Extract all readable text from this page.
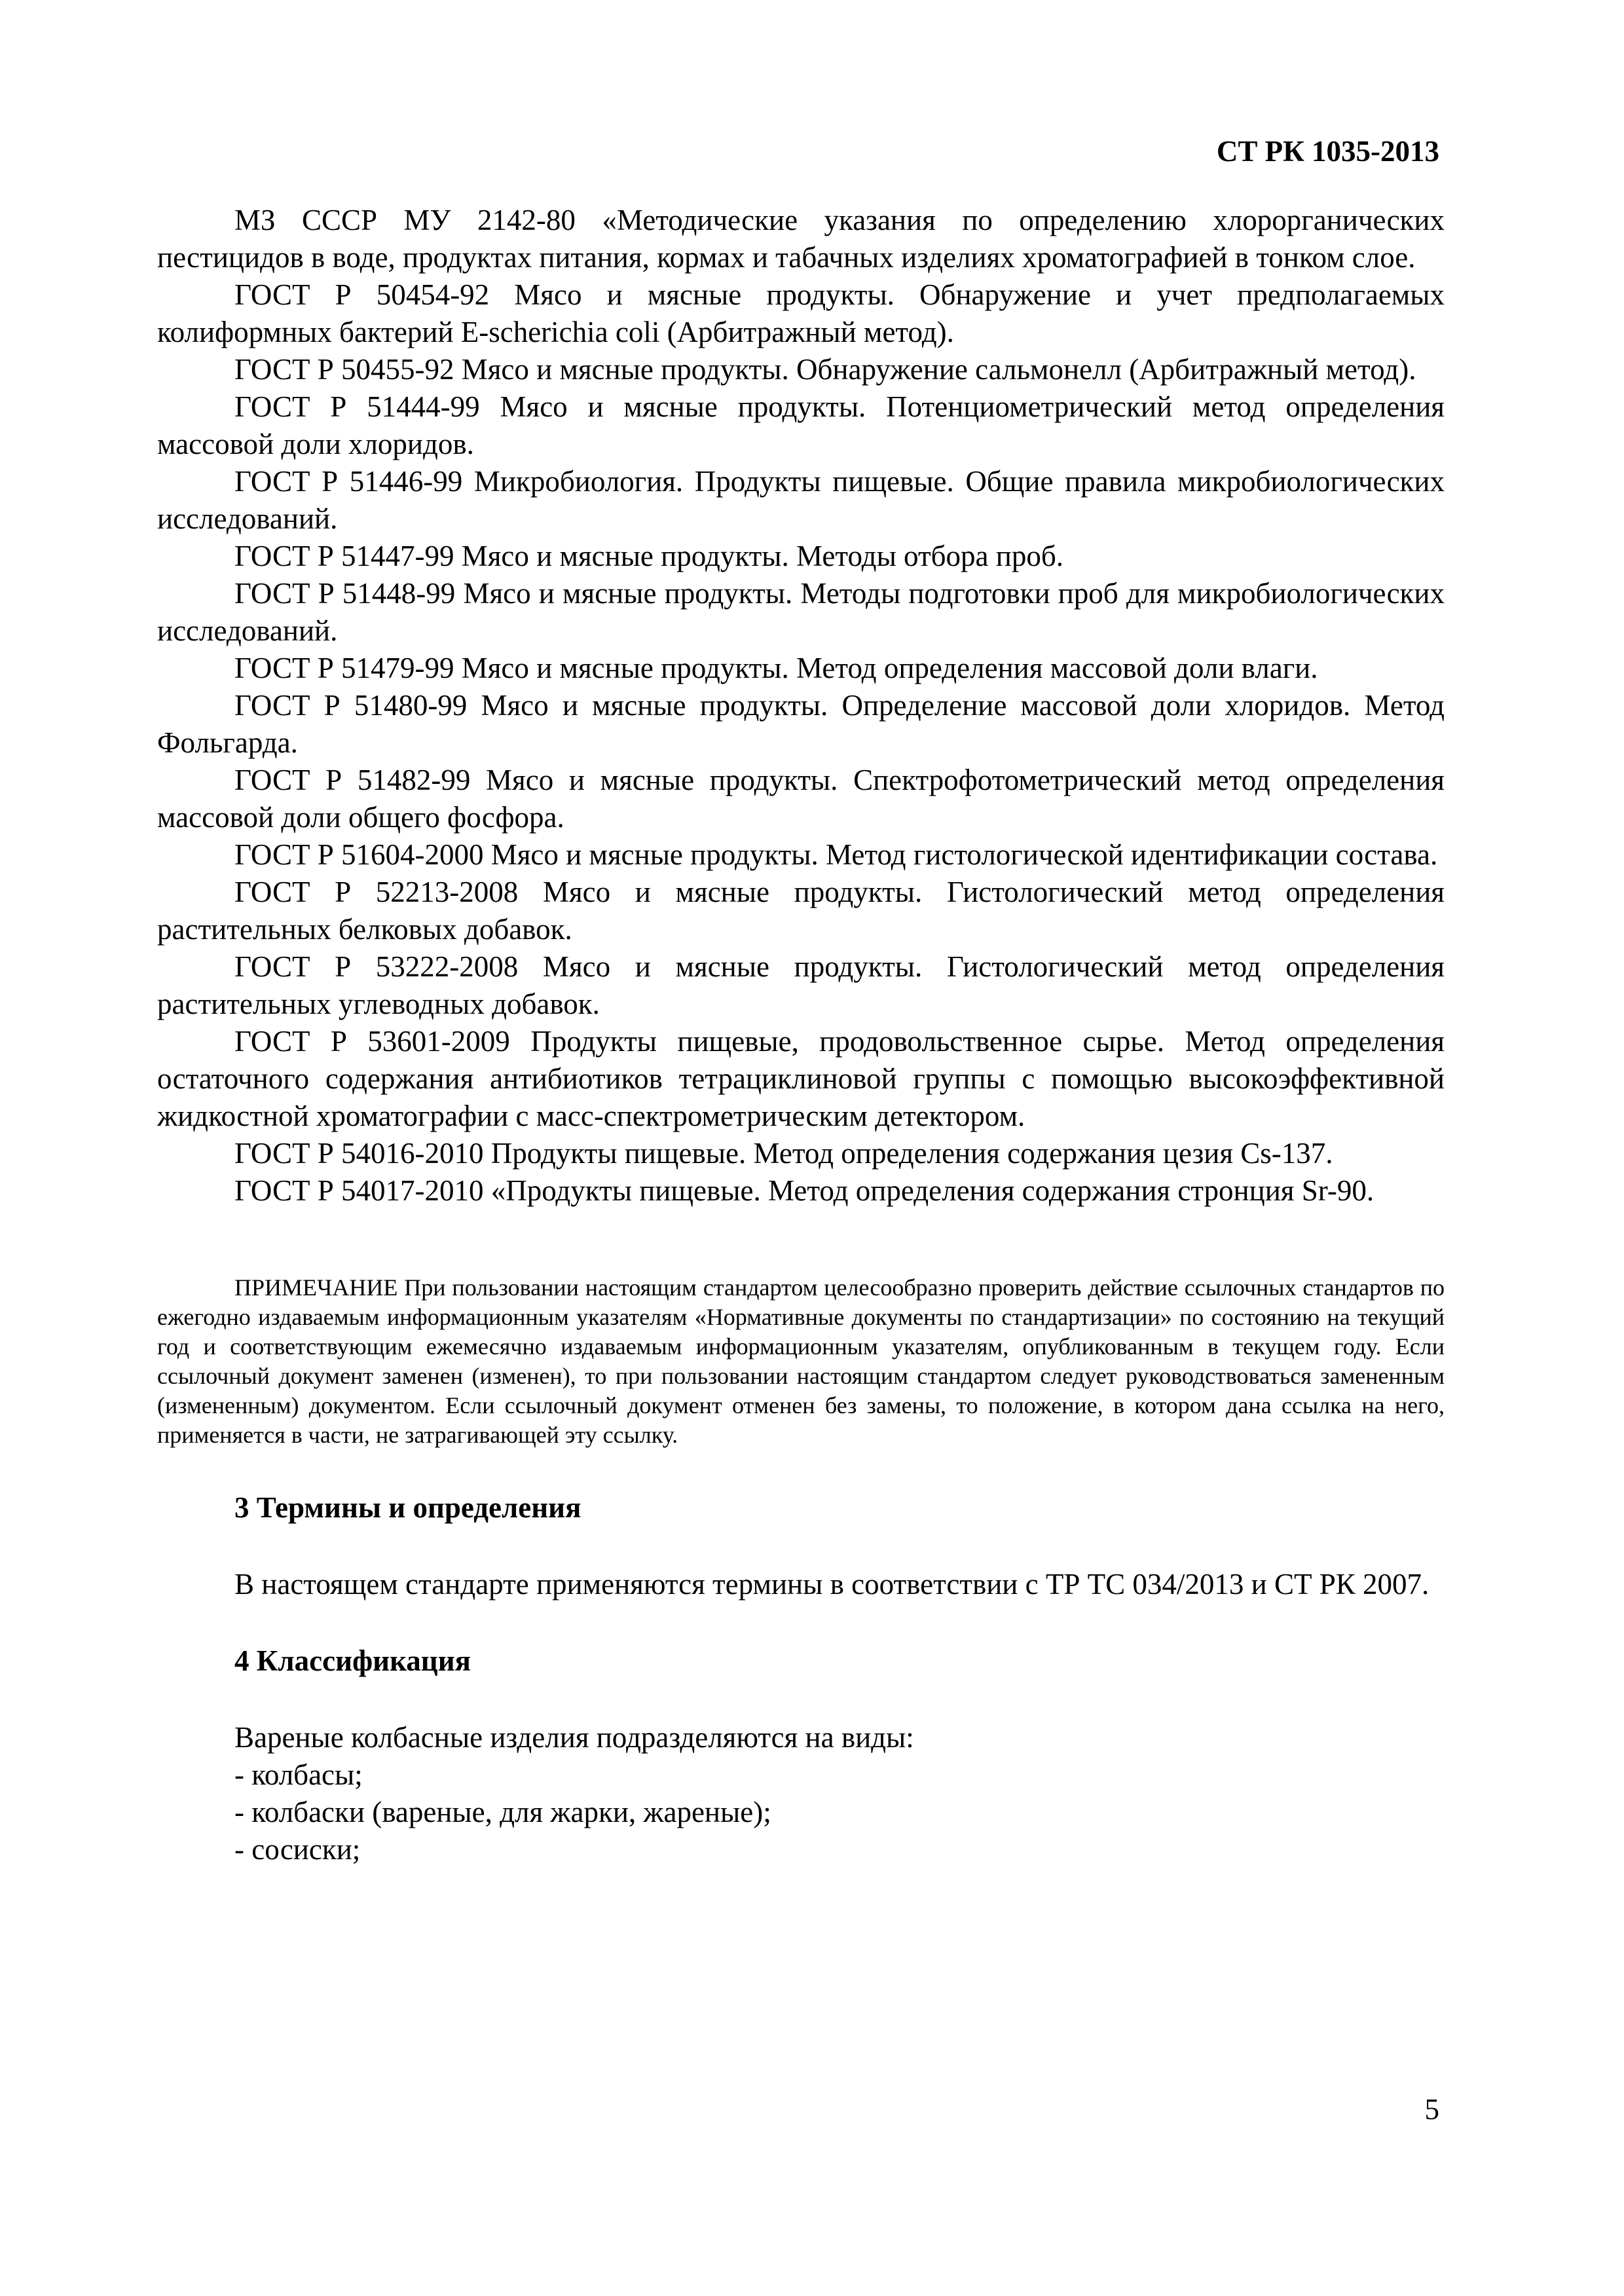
СТ РК 1035-2013

МЗ СССР МУ 2142-80 «Методические указания по определению хлорорганических пестицидов в воде, продуктах питания, кормах и табачных изделиях хроматографией в тонком слое.

ГОСТ Р 50454-92 Мясо и мясные продукты. Обнаружение и учет предполагаемых колиформных бактерий E-scherichia coli (Арбитражный метод).

ГОСТ Р 50455-92 Мясо и мясные продукты. Обнаружение сальмонелл (Арбитражный метод).

ГОСТ Р 51444-99 Мясо и мясные продукты. Потенциометрический метод определения массовой доли хлоридов.

ГОСТ Р 51446-99 Микробиология. Продукты пищевые. Общие правила микробиологических исследований.

ГОСТ Р 51447-99 Мясо и мясные продукты. Методы отбора проб.

ГОСТ Р 51448-99 Мясо и мясные продукты. Методы подготовки проб для микробиологических исследований.

ГОСТ Р 51479-99 Мясо и мясные продукты. Метод определения массовой доли влаги.

ГОСТ Р 51480-99 Мясо и мясные продукты. Определение массовой доли хлоридов. Метод Фольгарда.

ГОСТ Р 51482-99 Мясо и мясные продукты. Спектрофотометрический метод определения массовой доли общего фосфора.

ГОСТ Р 51604-2000 Мясо и мясные продукты. Метод гистологической идентификации состава.

ГОСТ Р 52213-2008 Мясо и мясные продукты. Гистологический метод определения растительных белковых добавок.

ГОСТ Р 53222-2008 Мясо и мясные продукты. Гистологический метод определения растительных углеводных добавок.

ГОСТ Р 53601-2009 Продукты пищевые, продовольственное сырье. Метод определения остаточного содержания антибиотиков тетрациклиновой группы с помощью высокоэффективной жидкостной хроматографии с масс-спектрометрическим детектором.

ГОСТ Р 54016-2010 Продукты пищевые. Метод определения содержания цезия Cs-137.

ГОСТ Р 54017-2010 «Продукты пищевые. Метод определения содержания стронция Sr-90.

ПРИМЕЧАНИЕ При пользовании настоящим стандартом целесообразно проверить действие ссылочных стандартов по ежегодно издаваемым информационным указателям «Нормативные документы по стандартизации» по состоянию на текущий год и соответствующим ежемесячно издаваемым информационным указателям, опубликованным в текущем году. Если ссылочный документ заменен (изменен), то при пользовании настоящим стандартом следует руководствоваться замененным (измененным) документом. Если ссылочный документ отменен без замены, то положение, в котором дана ссылка на него, применяется в части, не затрагивающей эту ссылку.

3 Термины и определения

В настоящем стандарте применяются термины в соответствии с ТР ТС 034/2013 и СТ РК 2007.

4 Классификация

Вареные колбасные изделия подразделяются на виды:

- колбасы;

- колбаски (вареные, для жарки, жареные);

- сосиски;

5
